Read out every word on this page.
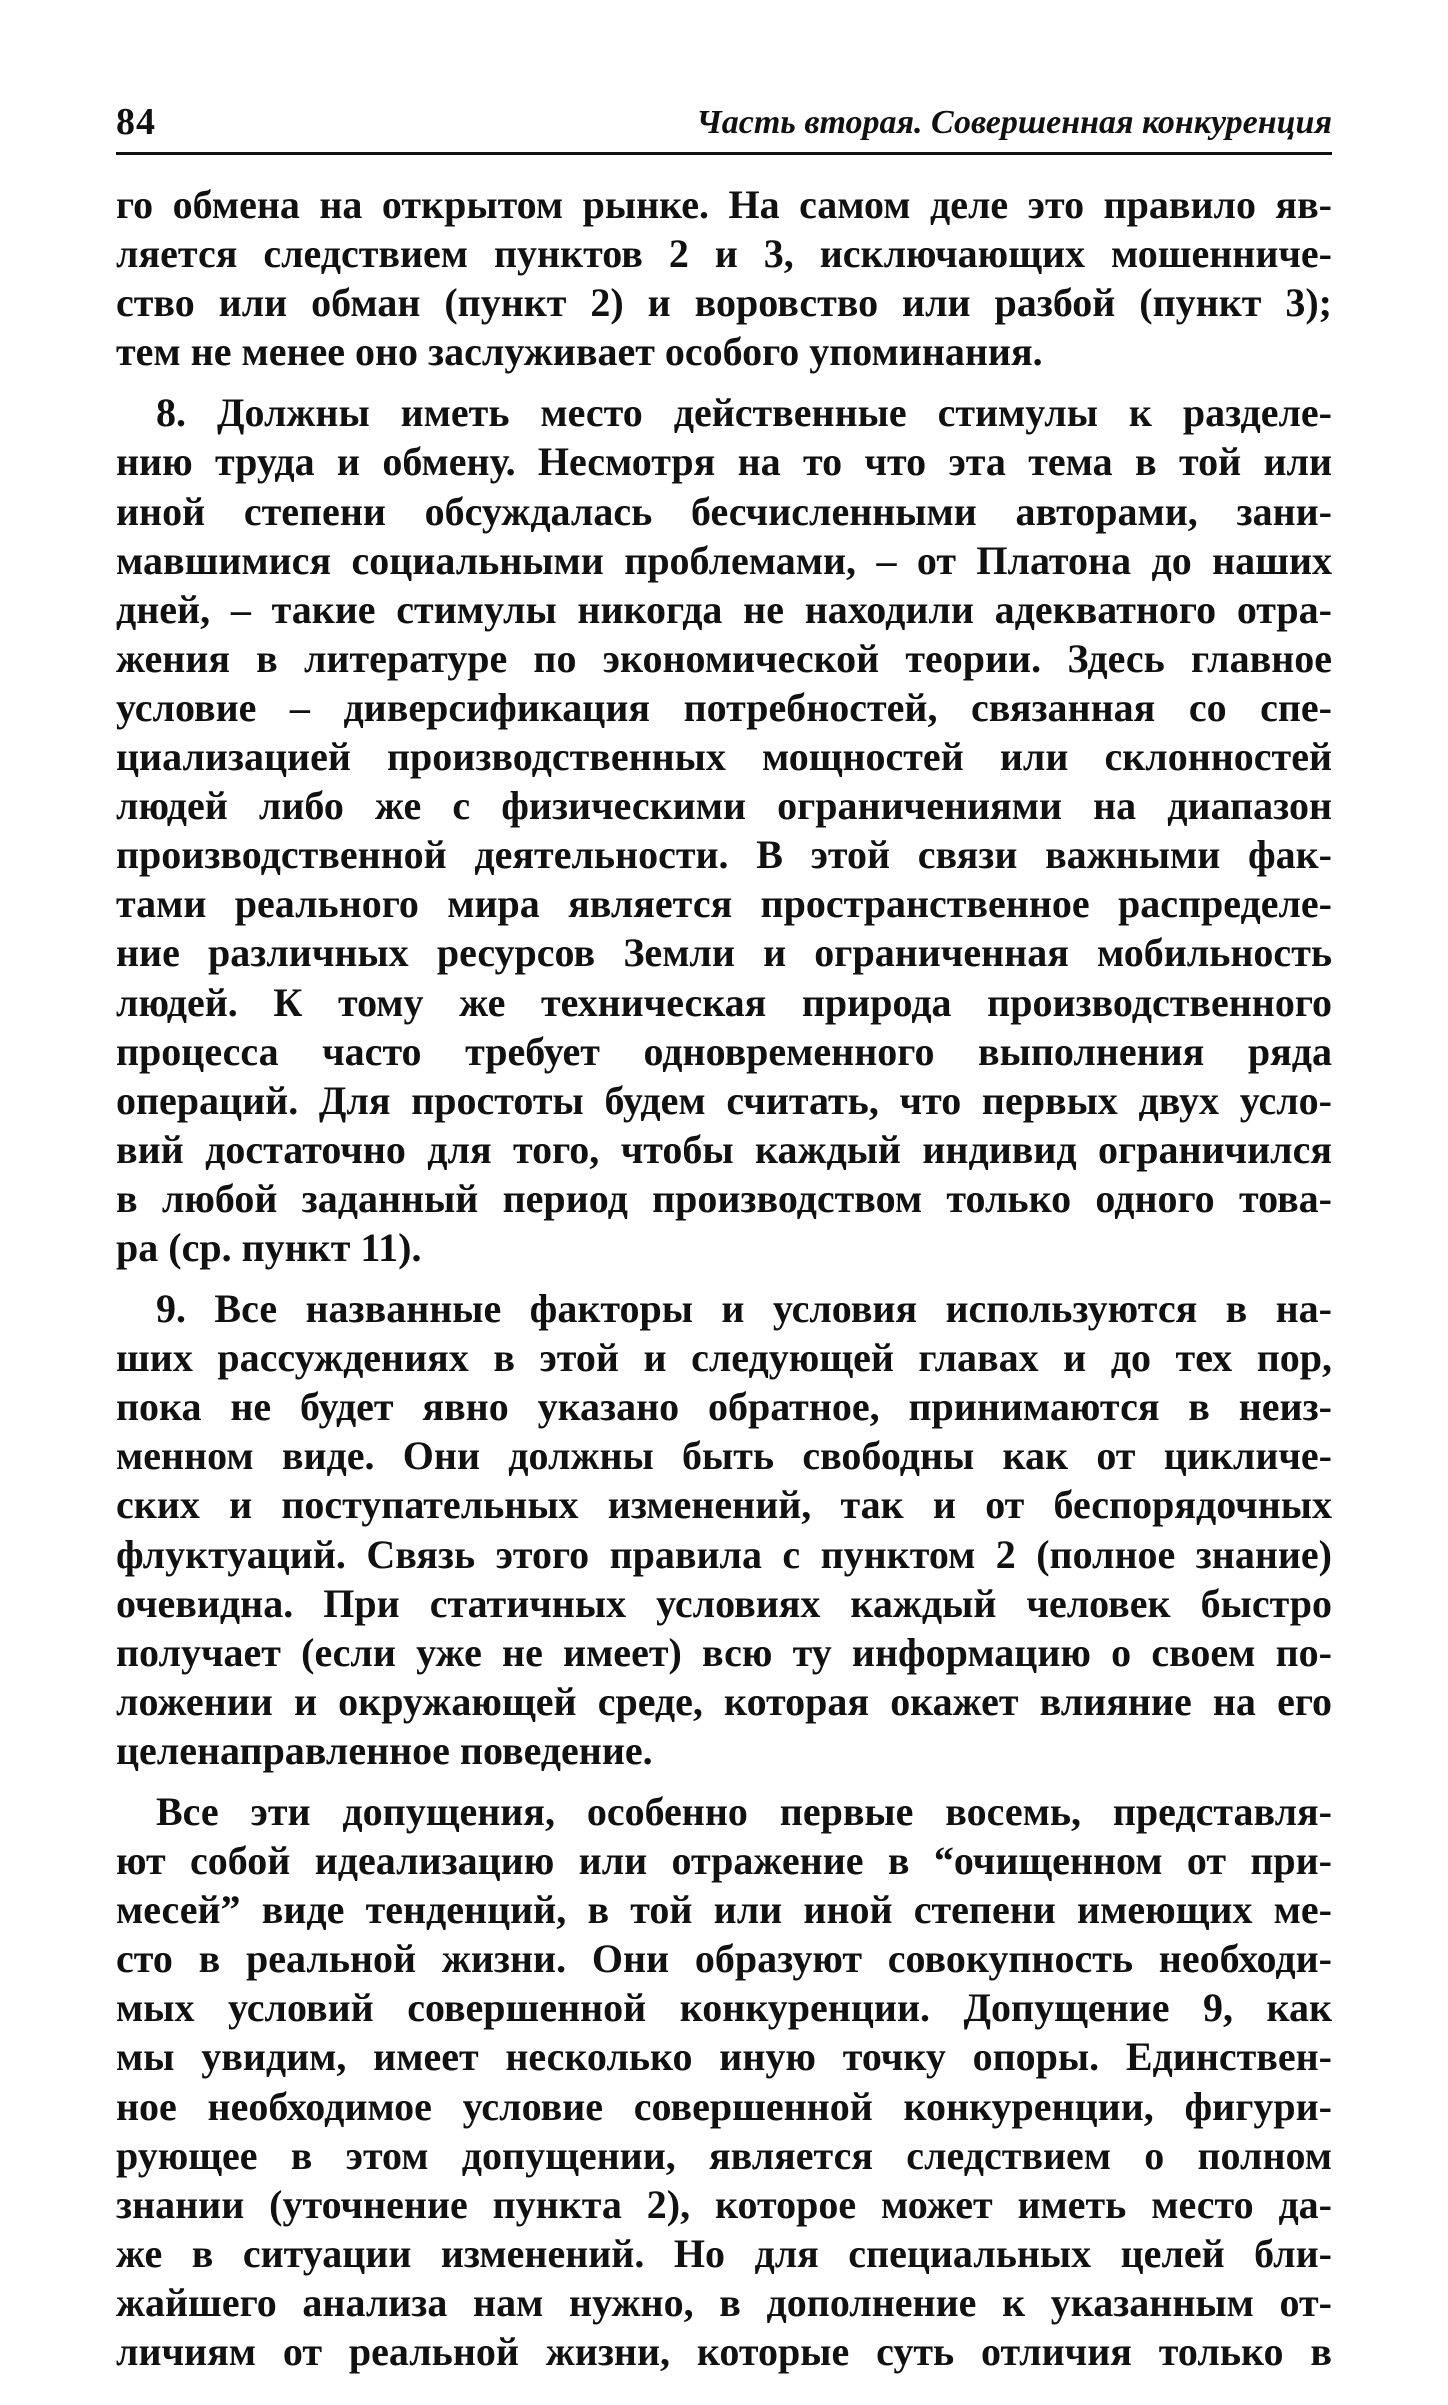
84	Часть вторая. Совершенная конкуренция
го обмена на открытом рынке. На самом деле это правило яв-
ляется следствием пунктов 2 и 3, исключающих мошенниче-
ство или обман (пункт 2) и воровство или разбой (пункт 3);
тем не менее оно заслуживает особого упоминания.
8. Должны иметь место действенные стимулы к разделе-
нию труда и обмену. Несмотря на то что эта тема в той или
иной степени обсуждалась бесчисленными авторами, зани-
мавшимися социальными проблемами, – от Платона до наших
дней, – такие стимулы никогда не находили адекватного отра-
жения в литературе по экономической теории. Здесь главное
условие – диверсификация потребностей, связанная со спе-
циализацией производственных мощностей или склонностей
людей либо же с физическими ограничениями на диапазон
производственной деятельности. В этой связи важными фак-
тами реального мира является пространственное распределе-
ние различных ресурсов Земли и ограниченная мобильность
людей. К тому же техническая природа производственного
процесса часто требует одновременного выполнения ряда
операций. Для простоты будем считать, что первых двух усло-
вий достаточно для того, чтобы каждый индивид ограничился
в любой заданный период производством только одного това-
ра (ср. пункт 11).
9. Все названные факторы и условия используются в на-
ших рассуждениях в этой и следующей главах и до тех пор,
пока не будет явно указано обратное, принимаются в неиз-
менном виде. Они должны быть свободны как от цикличе-
ских и поступательных изменений, так и от беспорядочных
флуктуаций. Связь этого правила с пунктом 2 (полное знание)
очевидна. При статичных условиях каждый человек быстро
получает (если уже не имеет) всю ту информацию о своем по-
ложении и окружающей среде, которая окажет влияние на его
целенаправленное поведение.
Все эти допущения, особенно первые восемь, представля-
ют собой идеализацию или отражение в “очищенном от при-
месей” виде тенденций, в той или иной степени имеющих ме-
сто в реальной жизни. Они образуют совокупность необходи-
мых условий совершенной конкуренции. Допущение 9, как
мы увидим, имеет несколько иную точку опоры. Единствен-
ное необходимое условие совершенной конкуренции, фигури-
рующее в этом допущении, является следствием о полном
знании (уточнение пункта 2), которое может иметь место да-
же в ситуации изменений. Но для специальных целей бли-
жайшего анализа нам нужно, в дополнение к указанным от-
личиям от реальной жизни, которые суть отличия только в
